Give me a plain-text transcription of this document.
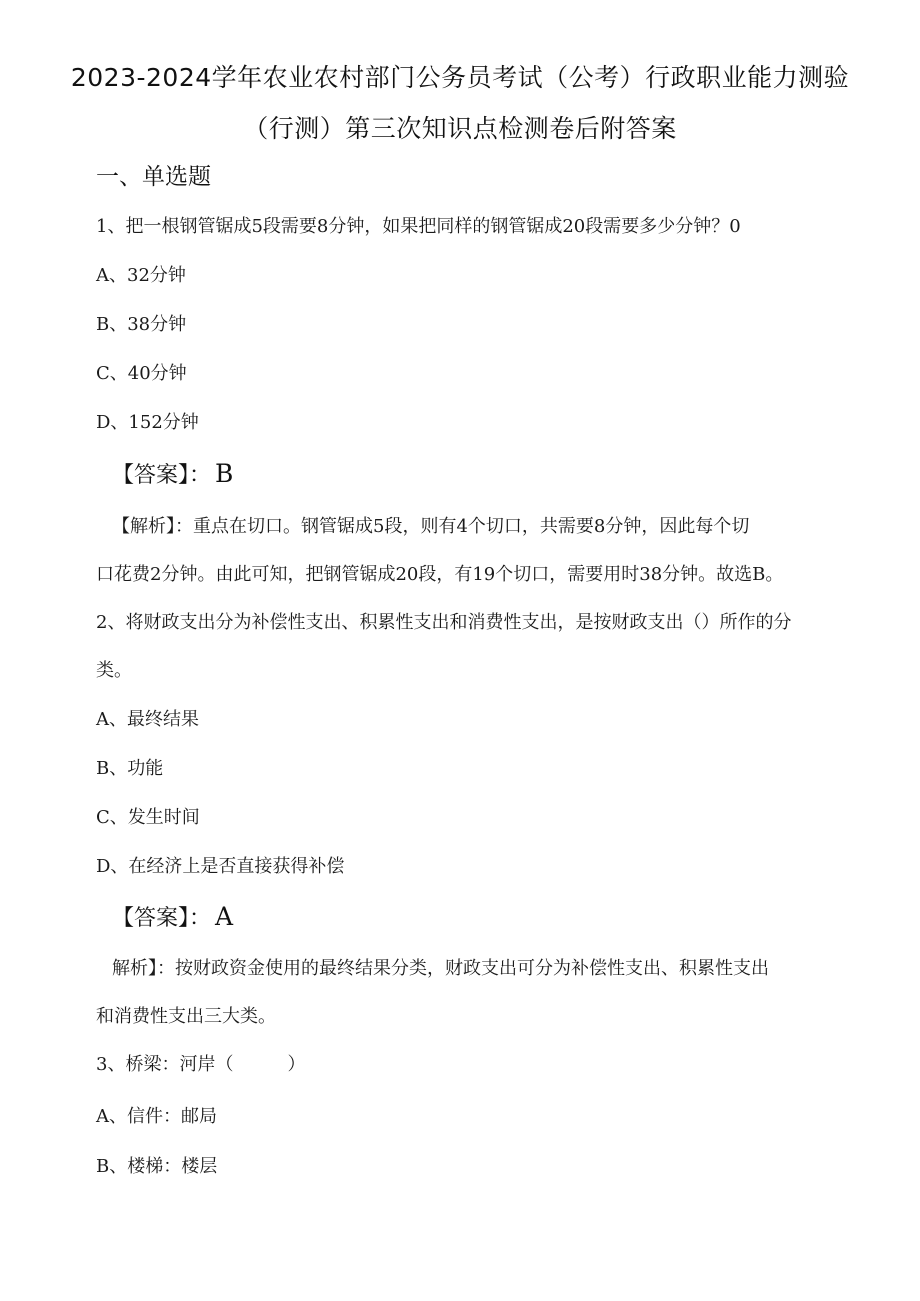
2023-2024学年农业农村部门公务员考试（公考）行政职业能力测验
（行测）第三次知识点检测卷后附答案
一、单选题
1、把一根钢管锯成5段需要8分钟，如果把同样的钢管锯成20段需要多少分钟？0
A、32分钟
B、38分钟
C、40分钟
D、152分钟
【答案】： B
【解析】：重点在切口。钢管锯成5段，则有4个切口，共需要8分钟，因此每个切
口花费2分钟。由此可知，把钢管锯成20段，有19个切口，需要用时38分钟。故选B。
2、将财政支出分为补偿性支出、积累性支出和消费性支出，是按财政支出（）所作的分
类。
A、最终结果
B、功能
C、发生时间
D、在经济上是否直接获得补偿
【答案】： A
解析】：按财政资金使用的最终结果分类，财政支出可分为补偿性支出、积累性支出
和消费性支出三大类。
3、桥梁：河岸（　　　）
A、信件：邮局
B、楼梯：楼层
